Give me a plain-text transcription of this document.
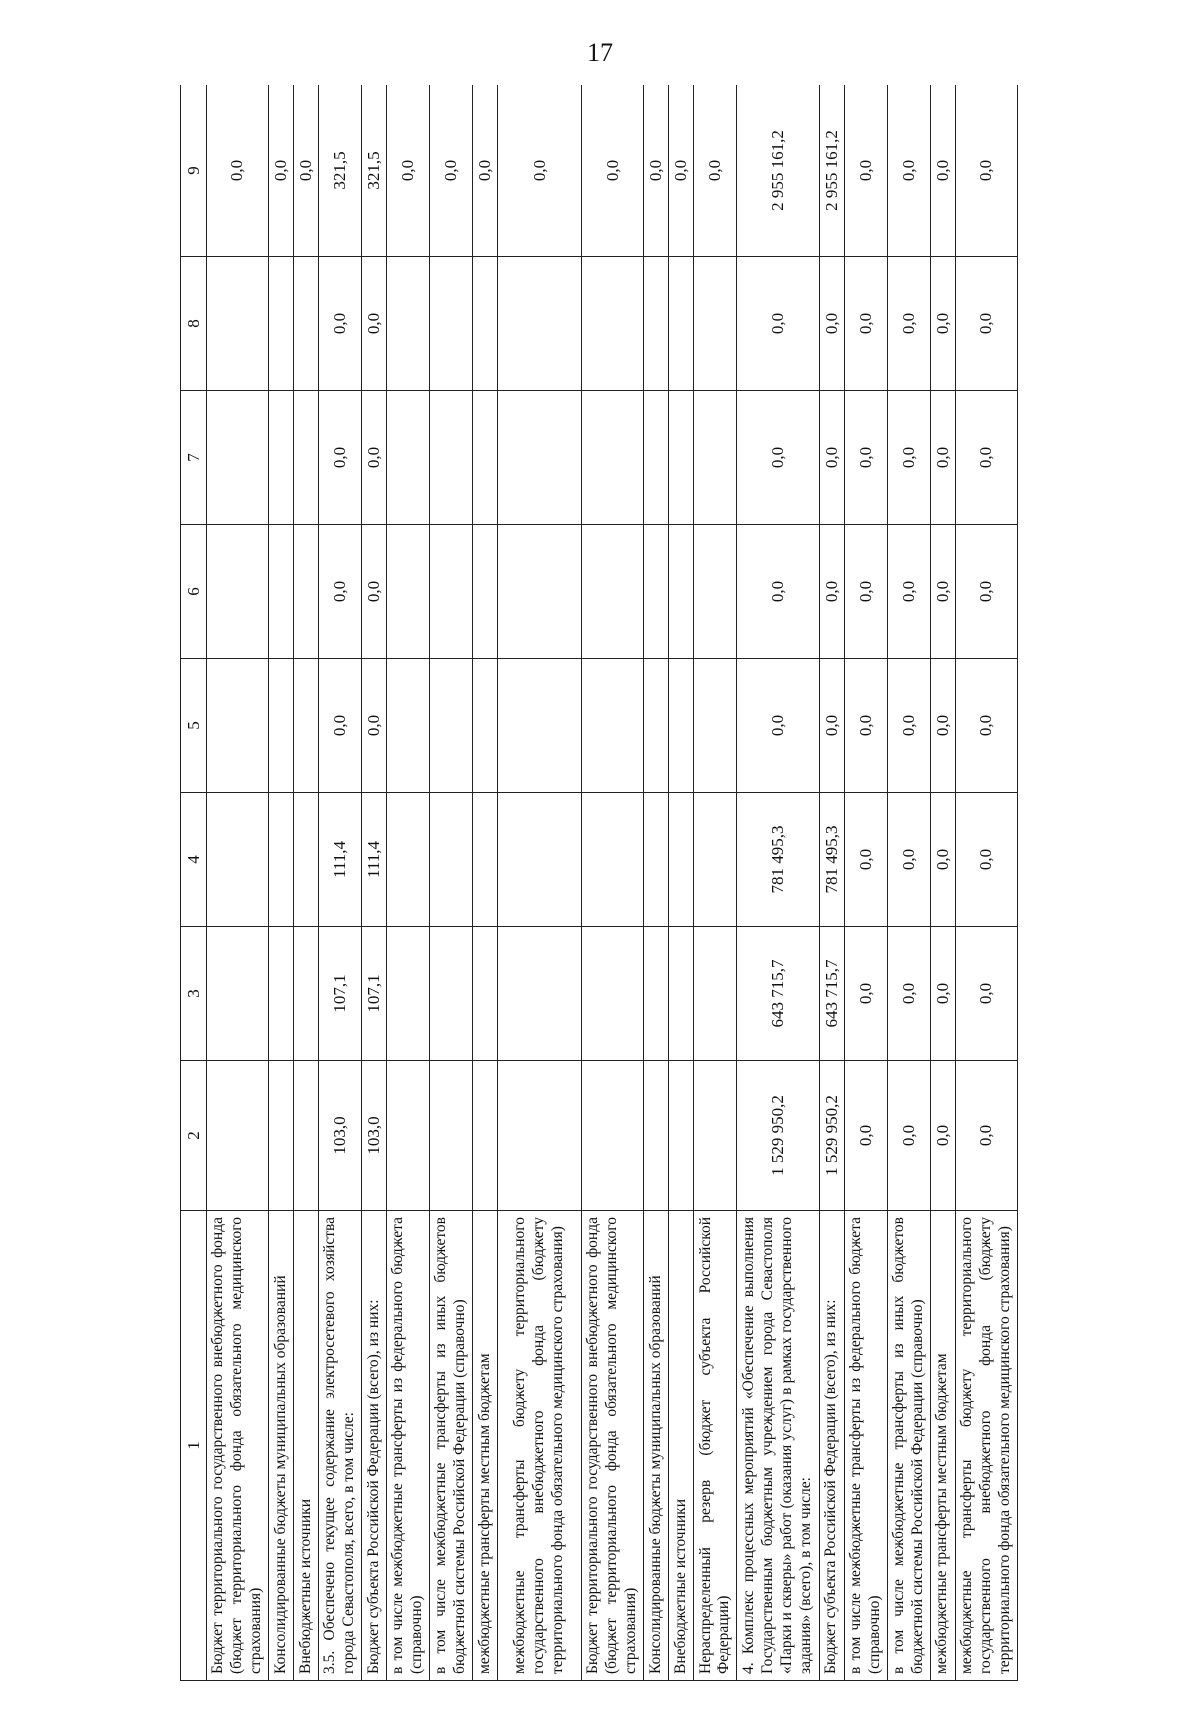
17
1	2	3	4	5	6	7	8	9
Бюджет территориального государственного внебюджетного фонда (бюджет территориального фонда обязательного медицинского страхования)								0,0
Консолидированные бюджеты муниципальных образований								0,0
Внебюджетные источники								0,0
3.5. Обеспечено текущее содержание электросетевого хозяйства города Севастополя, всего, в том числе:	103,0	107,1	111,4	0,0	0,0	0,0	0,0	321,5
Бюджет субъекта Российской Федерации (всего), из них:	103,0	107,1	111,4	0,0	0,0	0,0	0,0	321,5
в том числе межбюджетные трансферты из федерального бюджета (справочно)								0,0
в том числе межбюджетные трансферты из иных бюджетов бюджетной системы Российской Федерации (справочно)								0,0
межбюджетные трансферты местным бюджетам								0,0
межбюджетные трансферты бюджету территориального государственного внебюджетного фонда (бюджету территориального фонда обязательного медицинского страхования)								0,0
Бюджет территориального государственного внебюджетного фонда (бюджет территориального фонда обязательного медицинского страхования)								0,0
Консолидированные бюджеты муниципальных образований								0,0
Внебюджетные источники								0,0
Нераспределенный резерв (бюджет субъекта Российской Федерации)								0,0
4. Комплекс процессных мероприятий «Обеспечение выполнения Государственным бюджетным учреждением города Севастополя «Парки и скверы» работ (оказания услуг) в рамках государственного задания» (всего), в том числе:	1 529 950,2	643 715,7	781 495,3	0,0	0,0	0,0	0,0	2 955 161,2
Бюджет субъекта Российской Федерации (всего), из них:	1 529 950,2	643 715,7	781 495,3	0,0	0,0	0,0	0,0	2 955 161,2
в том числе межбюджетные трансферты из федерального бюджета (справочно)	0,0	0,0	0,0	0,0	0,0	0,0	0,0	0,0
в том числе межбюджетные трансферты из иных бюджетов бюджетной системы Российской Федерации (справочно)	0,0	0,0	0,0	0,0	0,0	0,0	0,0	0,0
межбюджетные трансферты местным бюджетам	0,0	0,0	0,0	0,0	0,0	0,0	0,0	0,0
межбюджетные трансферты бюджету территориального государственного внебюджетного фонда (бюджету территориального фонда обязательного медицинского страхования)	0,0	0,0	0,0	0,0	0,0	0,0	0,0	0,0
